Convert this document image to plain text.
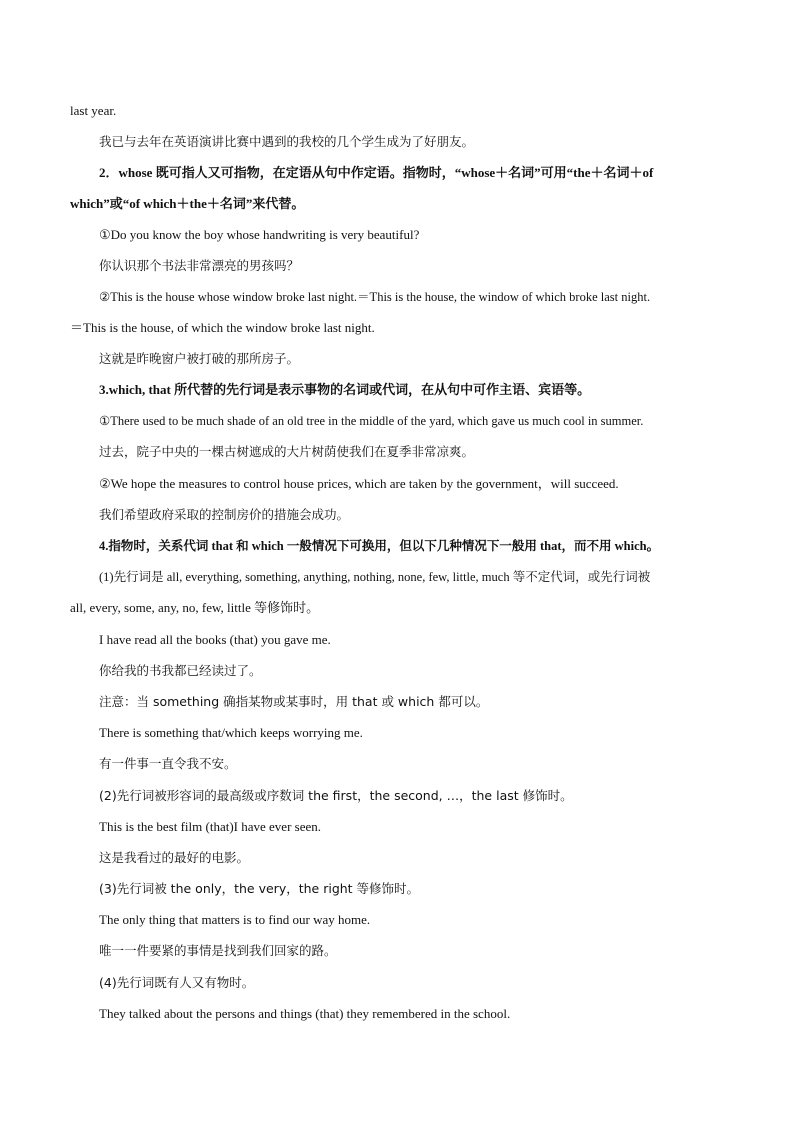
last year.
我已与去年在英语演讲比赛中遇到的我校的几个学生成为了好朋友。
2．whose 既可指人又可指物，在定语从句中作定语。指物时，“whose＋名词”可用“the＋名词＋of
which”或“of which＋the＋名词”来代替。
①Do you know the boy whose handwriting is very beautiful?
你认识那个书法非常漂亮的男孩吗？
②This is the house whose window broke last night.＝This is the house, the window of which broke last night.
＝This is the house, of which the window broke last night.
这就是昨晚窗户被打破的那所房子。
3.which, that 所代替的先行词是表示事物的名词或代词，在从句中可作主语、宾语等。
①There used to be much shade of an old tree in the middle of the yard, which gave us much cool in summer.
过去，院子中央的一棵古树遮成的大片树荫使我们在夏季非常凉爽。
②We hope the measures to control house prices, which are taken by the government，will succeed.
我们希望政府采取的控制房价的措施会成功。
4.指物时，关系代词 that 和 which 一般情况下可换用，但以下几种情况下一般用 that，而不用 which。
(1)先行词是 all, everything, something, anything, nothing, none, few, little, much 等不定代词，或先行词被
all, every, some, any, no, few, little 等修饰时。
I have read all the books (that) you gave me.
你给我的书我都已经读过了。
注意：当 something 确指某物或某事时，用 that 或 which 都可以。
There is something that/which keeps worrying me.
有一件事一直令我不安。
(2)先行词被形容词的最高级或序数词 the first，the second, …，the last 修饰时。
This is the best film (that)I have ever seen.
这是我看过的最好的电影。
(3)先行词被 the only，the very，the right 等修饰时。
The only thing that matters is to find our way home.
唯一一件要紧的事情是找到我们回家的路。
(4)先行词既有人又有物时。
They talked about the persons and things (that) they remembered in the school.
